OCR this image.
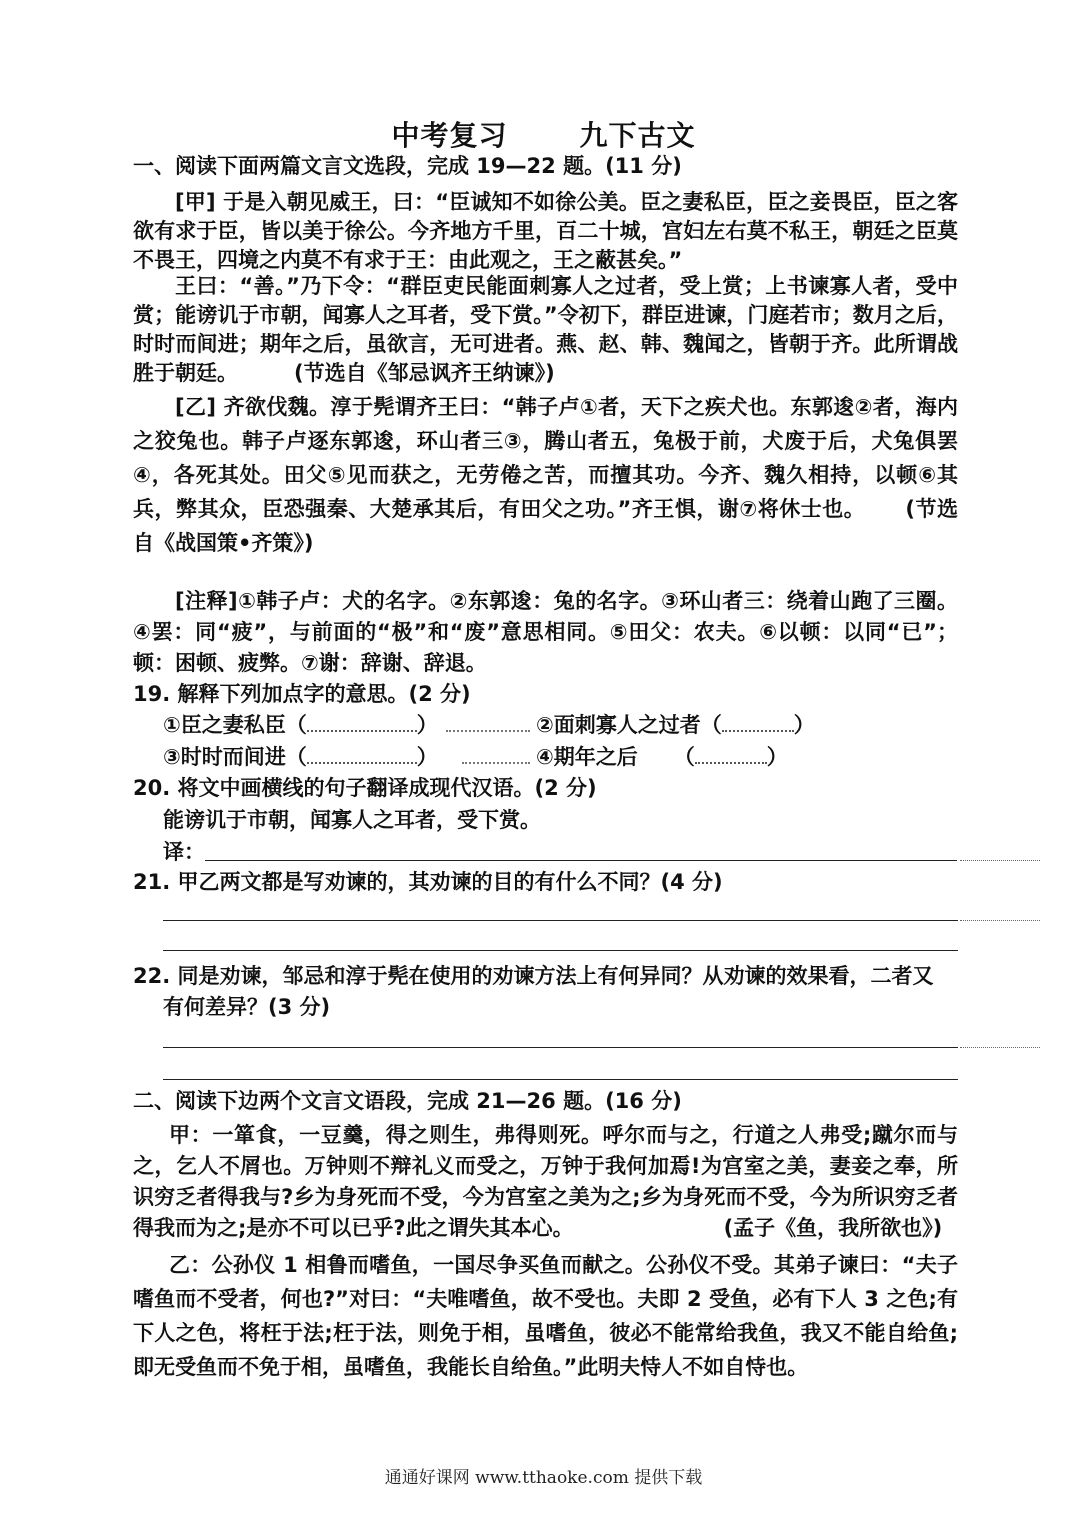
中考复习	九下古文
一、阅读下面两篇文言文选段，完成 19—22 题。(11 分)
[甲] 于是入朝见威王，曰：“臣诚知不如徐公美。臣之妻私臣，臣之妾畏臣，臣之客欲有求于臣，皆以美于徐公。今齐地方千里，百二十城，宫妇左右莫不私王，朝廷之臣莫不畏王，四境之内莫不有求于王：由此观之，王之蔽甚矣。”
王曰：“善。”乃下令：“群臣吏民能面刺寡人之过者，受上赏；上书谏寡人者，受中赏；能谤讥于市朝，闻寡人之耳者，受下赏。”令初下，群臣进谏，门庭若市；数月之后，时时而间进；期年之后，虽欲言，无可进者。燕、赵、韩、魏闻之，皆朝于齐。此所谓战胜于朝廷。	(节选自《邹忌讽齐王纳谏》)
[乙] 齐欲伐魏。淳于髡谓齐王曰：“韩子卢①者，天下之疾犬也。东郭逡②者，海内之狡兔也。韩子卢逐东郭逡，环山者三③，腾山者五，兔极于前，犬废于后，犬兔俱罢④，各死其处。田父⑤见而获之，无劳倦之苦，而擅其功。今齐、魏久相持，以顿⑥其兵，弊其众，臣恐强秦、大楚承其后，有田父之功。”齐王惧，谢⑦将休士也。 (节选自《战国策•齐策》)
[注释]①韩子卢：犬的名字。②东郭逡：兔的名字。③环山者三：绕着山跑了三圈。④罢：同“疲”，与前面的“极”和“废”意思相同。⑤田父：农夫。⑥以顿：以同“已”；顿：困顿、疲弊。⑦谢：辞谢、辞退。
19. 解释下列加点字的意思。(2 分)
①臣之妻私臣（	）	②面刺寡人之过者（	）
③时时而间进（	）	④期年之后 （	）
20. 将文中画横线的句子翻译成现代汉语。(2 分)
能谤讥于市朝，闻寡人之耳者，受下赏。
译：
21. 甲乙两文都是写劝谏的，其劝谏的目的有什么不同？(4 分)
22. 同是劝谏，邹忌和淳于髡在使用的劝谏方法上有何异同？从劝谏的效果看，二者又
有何差异？(3 分)
二、阅读下边两个文言文语段，完成 21—26 题。(16 分)
甲：一箪食，一豆羹，得之则生，弗得则死。呼尔而与之，行道之人弗受;蹴尔而与之，乞人不屑也。万钟则不辩礼义而受之，万钟于我何加焉!为宫室之美，妻妾之奉，所识穷乏者得我与?乡为身死而不受，今为宫室之美为之;乡为身死而不受，今为所识穷乏者得我而为之;是亦不可以已乎?此之谓失其本心。	(孟子《鱼，我所欲也》)
乙：公孙仪 1 相鲁而嗜鱼，一国尽争买鱼而献之。公孙仪不受。其弟子谏曰：“夫子嗜鱼而不受者，何也?”对曰：“夫唯嗜鱼，故不受也。夫即 2 受鱼，必有下人 3 之色;有下人之色，将枉于法;枉于法，则免于相，虽嗜鱼，彼必不能常给我鱼，我又不能自给鱼;即无受鱼而不免于相，虽嗜鱼，我能长自给鱼。”此明夫恃人不如自恃也。
通通好课网 www.tthaoke.com 提供下载
